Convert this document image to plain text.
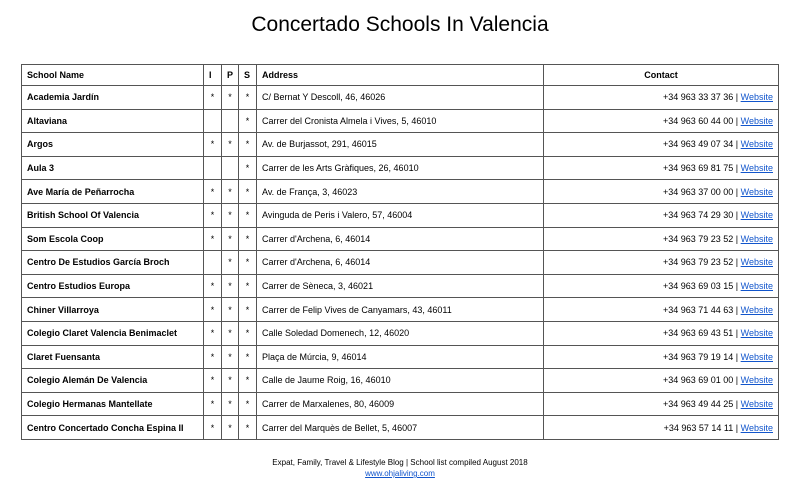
Concertado Schools In Valencia
School Name	I	P	S	Address	Contact
Academia Jardín	*	*	*	C/ Bernat Y Descoll, 46, 46026	+34 963 33 37 36 | Website
Altaviana			*	Carrer del Cronista Almela i Vives, 5, 46010	+34 963 60 44 00 | Website
Argos	*	*	*	Av. de Burjassot, 291, 46015	+34 963 49 07 34 | Website
Aula 3			*	Carrer de les Arts Gràfiques, 26, 46010	+34 963 69 81 75 | Website
Ave María de Peñarrocha	*	*	*	Av. de França, 3, 46023	+34 963 37 00 00 | Website
British School Of Valencia	*	*	*	Avinguda de Peris i Valero, 57, 46004	+34 963 74 29 30 | Website
Som Escola Coop	*	*	*	Carrer d'Archena, 6, 46014	+34 963 79 23 52 | Website
Centro De Estudios García Broch		*	*	Carrer d'Archena, 6, 46014	+34 963 79 23 52 | Website
Centro Estudios Europa	*	*	*	Carrer de Sèneca, 3, 46021	+34 963 69 03 15 | Website
Chiner Villarroya	*	*	*	Carrer de Felip Vives de Canyamars, 43, 46011	+34 963 71 44 63 | Website
Colegio Claret Valencia Benimaclet	*	*	*	Calle Soledad Domenech, 12, 46020	+34 963 69 43 51 | Website
Claret Fuensanta	*	*	*	Plaça de Múrcia, 9, 46014	+34 963 79 19 14 | Website
Colegio Alemán De Valencia	*	*	*	Calle de Jaume Roig, 16, 46010	+34 963 69 01 00 | Website
Colegio Hermanas Mantellate	*	*	*	Carrer de Marxalenes, 80, 46009	+34 963 49 44 25 | Website
Centro Concertado Concha Espina II	*	*	*	Carrer del Marquès de Bellet, 5, 46007	+34 963 57 14 11 | Website
Expat, Family, Travel & Lifestyle Blog | School list compiled August 2018
www.ohjaliving.com
